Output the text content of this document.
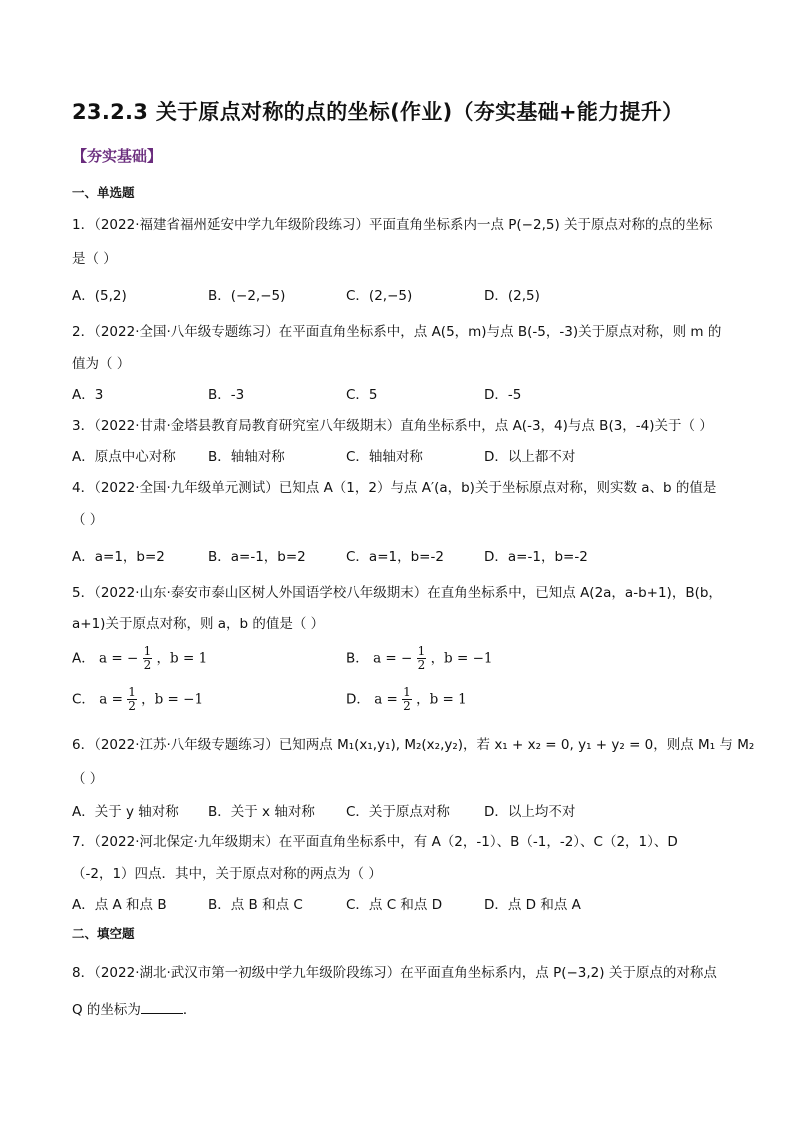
23.2.3 关于原点对称的点的坐标(作业)（夯实基础+能力提升）
【夯实基础】
一、单选题
1．（2022·福建省福州延安中学九年级阶段练习）平面直角坐标系内一点 P(−2,5) 关于原点对称的点的坐标
是（ ）
A．(5,2)	B．(−2,−5)	C．(2,−5)	D．(2,5)
2．（2022·全国·八年级专题练习）在平面直角坐标系中，点 A(5，m)与点 B(-5，-3)关于原点对称，则 m 的
值为（ ）
A．3	B．-3	C．5	D．-5
3．（2022·甘肃·金塔县教育局教育研究室八年级期末）直角坐标系中，点 A(-3，4)与点 B(3，-4)关于（ ）
A．原点中心对称 B．轴轴对称	C．轴轴对称	D．以上都不对
4．（2022·全国·九年级单元测试）已知点 A（1，2）与点 A′(a，b)关于坐标原点对称，则实数 a、b 的值是
（ ）
A．a=1，b=2	B．a=-1，b=2	C．a=1，b=-2	D．a=-1，b=-2
5．（2022·山东·泰安市泰山区树人外国语学校八年级期末）在直角坐标系中，已知点 A(2a，a-b+1)，B(b，
a+1)关于原点对称，则 a，b 的值是（ ）
A． a = − $\frac{1}{2}$ ，b = 1	B． a = − $\frac{1}{2}$ ，b = −1
C． $a = \frac{1}{2}$ ，b = −1	D． $a = \frac{1}{2}$ ，b = 1
6．（2022·江苏·八年级专题练习）已知两点 M₁(x₁,y₁), M₂(x₂,y₂)，若 x₁ + x₂ = 0, y₁ + y₂ = 0，则点 M₁ 与 M₂
（ ）
A．关于 y 轴对称 B．关于 x 轴对称 C．关于原点对称	D．以上均不对
7．（2022·河北保定·九年级期末）在平面直角坐标系中，有 A（2，-1）、B（-1，-2）、C（2，1）、D
（-2，1）四点．其中，关于原点对称的两点为（ ）
A．点 A 和点 B	B．点 B 和点 C	C．点 C 和点 D	D．点 D 和点 A
二、填空题
8．（2022·湖北·武汉市第一初级中学九年级阶段练习）在平面直角坐标系内，点 P(−3,2) 关于原点的对称点
Q 的坐标为	．
